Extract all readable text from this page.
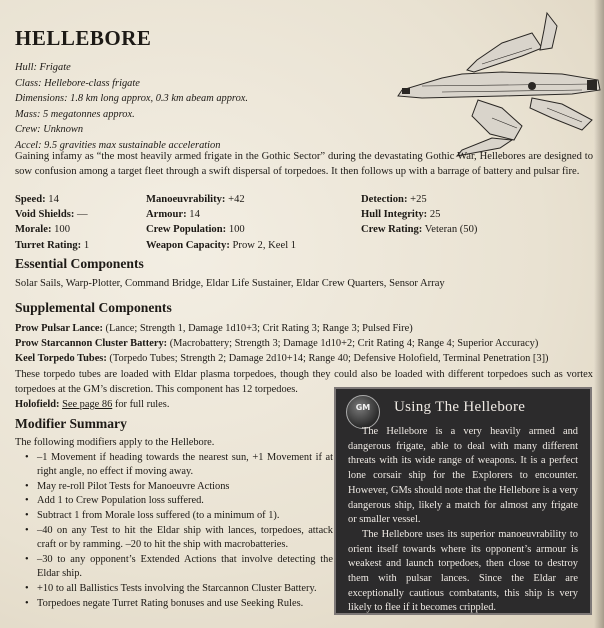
HELLEBORE
Hull: Frigate
Class: Hellebore-class frigate
Dimensions: 1.8 km long approx, 0.3 km abeam approx.
Mass: 5 megatonnes approx.
Crew: Unknown
Accel: 9.5 gravities max sustainable acceleration
Gaining infamy as “the most heavily armed frigate in the Gothic Sector” during the devastating Gothic War, Hellebores are designed to sow confusion among a target fleet through a swift dispersal of torpedoes. It then follows up with a barrage of battery and pulsar fire.
Speed: 14	Manoeuvrability: +42	Detection: +25
Void Shields: —	Armour: 14	Hull Integrity: 25
Morale: 100	Crew Population: 100	Crew Rating: Veteran (50)
Turret Rating: 1	Weapon Capacity: Prow 2, Keel 1
Essential Components
Solar Sails, Warp-Plotter, Command Bridge, Eldar Life Sustainer, Eldar Crew Quarters, Sensor Array
Supplemental Components
Prow Pulsar Lance: (Lance; Strength 1, Damage 1d10+3; Crit Rating 3; Range 3; Pulsed Fire)
Prow Starcannon Cluster Battery: (Macrobattery; Strength 3; Damage 1d10+2; Crit Rating 4; Range 4; Superior Accuracy)
Keel Torpedo Tubes: (Torpedo Tubes; Strength 2; Damage 2d10+14; Range 40; Defensive Holofield, Terminal Penetration [3])
These torpedo tubes are loaded with Eldar plasma torpedoes, though they could also be loaded with different torpedoes such as vortex torpedoes at the GM’s discretion. This component has 12 torpedoes.
Holofield: See page 86 for full rules.
Modifier Summary
The following modifiers apply to the Hellebore.
• –1 Movement if heading towards the nearest sun, +1 Movement if at right angle, no effect if moving away.
• May re-roll Pilot Tests for Manoeuvre Actions
• Add 1 to Crew Population loss suffered.
• Subtract 1 from Morale loss suffered (to a minimum of 1).
• –40 on any Test to hit the Eldar ship with lances, torpedoes, attack craft or by ramming. –20 to hit the ship with macrobatteries.
• –30 to any opponent’s Extended Actions that involve detecting the Eldar ship.
• +10 to all Ballistics Tests involving the Starcannon Cluster Battery.
• Torpedoes negate Turret Rating bonuses and use Seeking Rules.
GM	Using The Hellebore

The Hellebore is a very heavily armed and dangerous frigate, able to deal with many different threats with its wide range of weapons. It is a perfect lone corsair ship for the Explorers to encounter. However, GMs should note that the Hellebore is a very dangerous ship, likely a match for almost any frigate or smaller vessel.

The Hellebore uses its superior manoeuvrability to orient itself towards where its opponent’s armour is weakest and launch torpedoes, then close to destroy them with pulsar lances. Since the Eldar are exceptionally cautious combatants, this ship is very likely to flee if it becomes crippled.
